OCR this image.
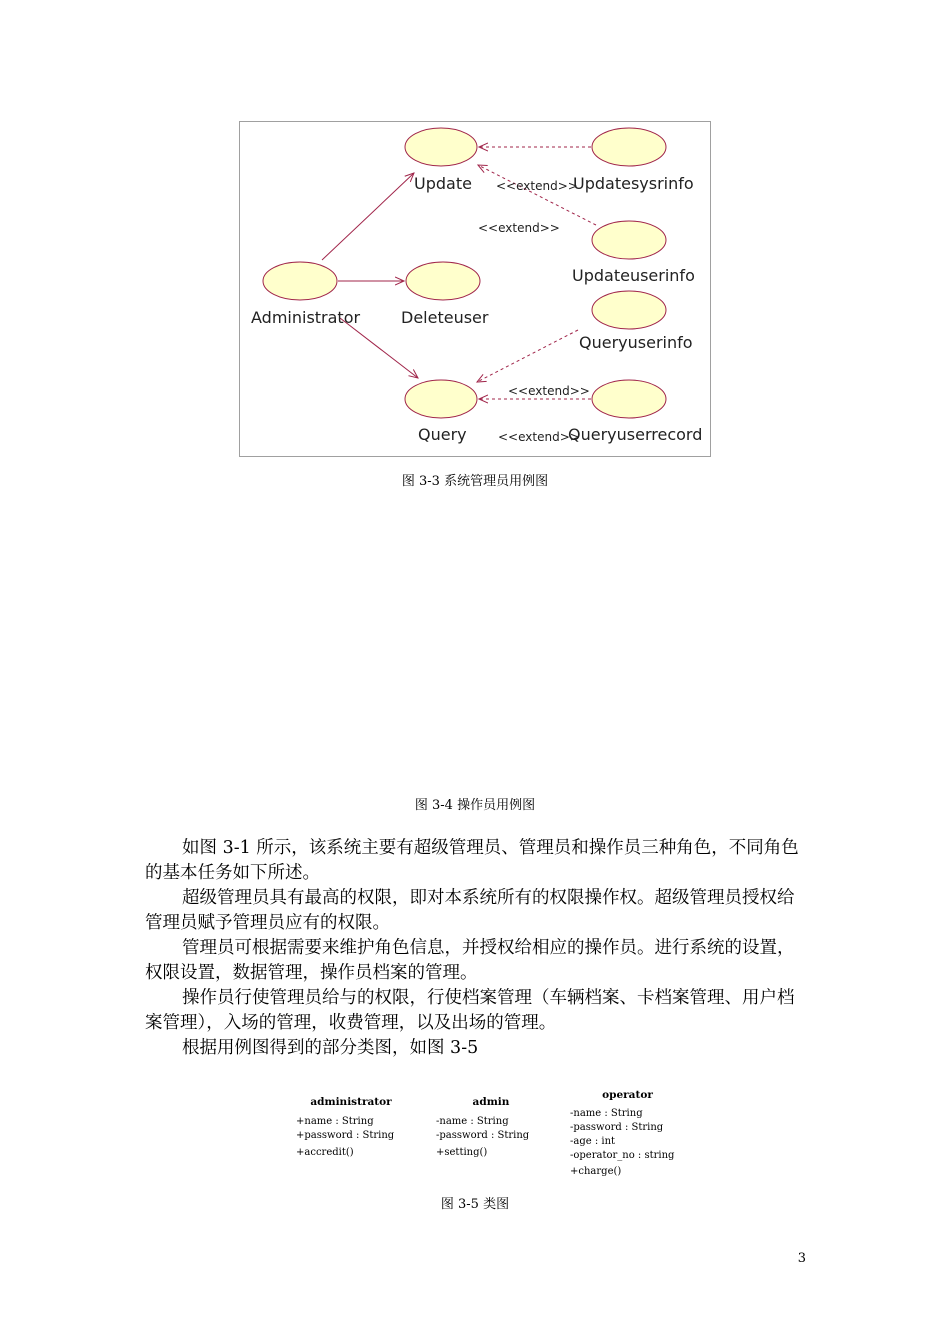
Update
Administrator	Deleteuser
Query
Updatesysrinfo
Updateuserinfo
Queryuserinfo
Queryuserrecord
<<extend>>
<<extend>>
<<extend>>
<<extend>>
图 3-3 系统管理员用例图
图 3-4 操作员用例图
如图 3-1 所示，该系统主要有超级管理员、管理员和操作员三种角色，不同角色的基本任务如下所述。
超级管理员具有最高的权限，即对本系统所有的权限操作权。超级管理员授权给管理员赋予管理员应有的权限。
管理员可根据需要来维护角色信息，并授权给相应的操作员。进行系统的设置，权限设置，数据管理，操作员档案的管理。
操作员行使管理员给与的权限，行使档案管理（车辆档案、卡档案管理、用户档案管理），入场的管理，收费管理，以及出场的管理。
根据用例图得到的部分类图，如图 3-5
administrator
+name : String
+password : String
+accredit()
admin
-name : String
-password : String
+setting()
operator
-name : String
-password : String
-age : int
-operator_no : string
+charge()
图 3-5 类图
3
